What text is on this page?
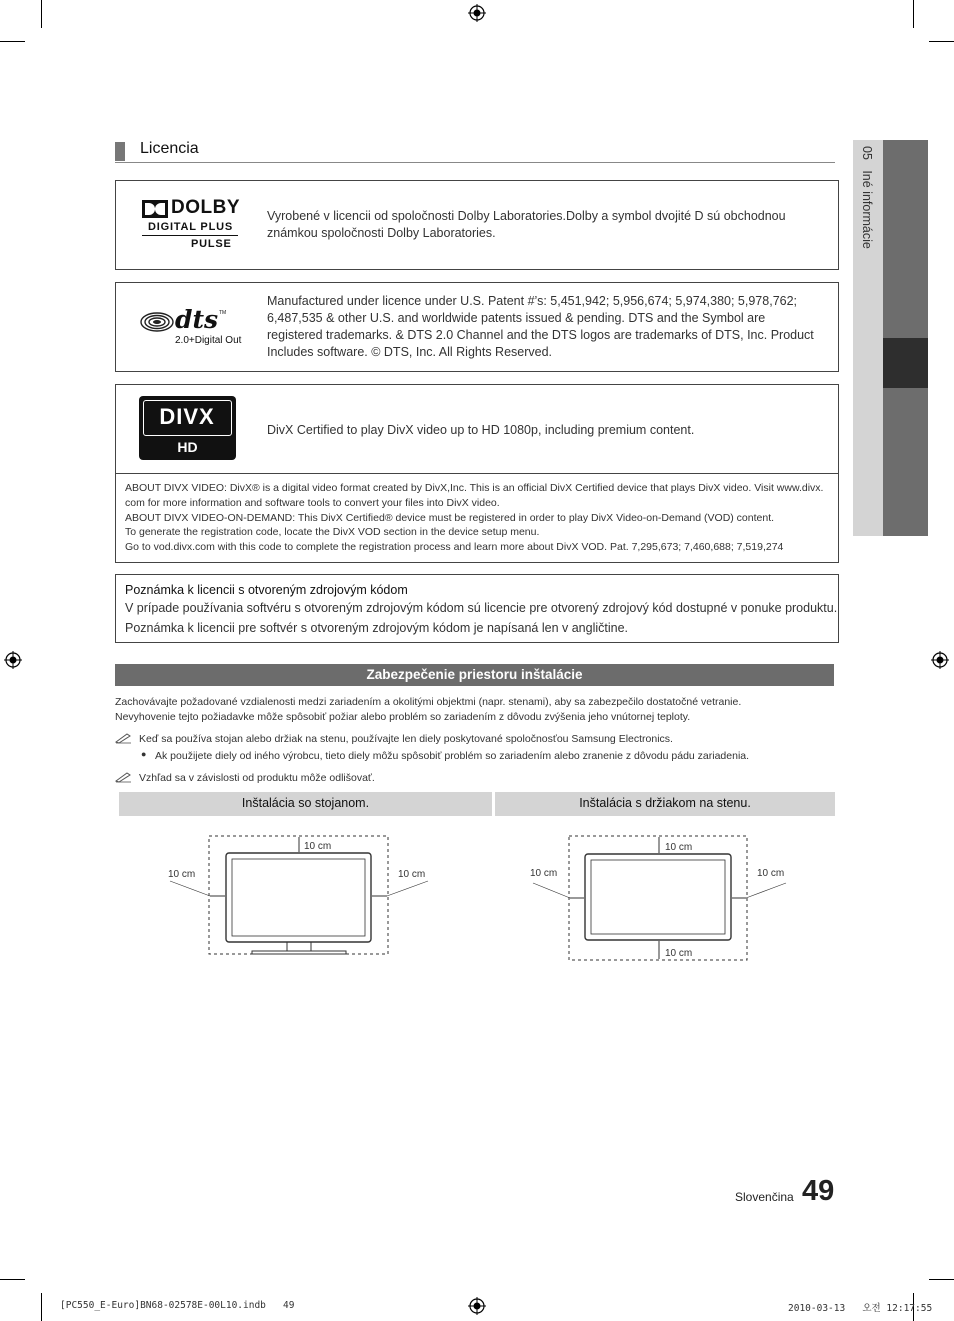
05   Iné informácie
Licencia
DOLBY
DIGITAL PLUS
PULSE
Vyrobené v licencii od spoločnosti Dolby Laboratories.Dolby a symbol dvojité D sú obchodnou známkou spoločnosti Dolby Laboratories.
dts TM
2.0+Digital Out
Manufactured under licence under U.S. Patent #’s: 5,451,942; 5,956,674; 5,974,380; 5,978,762; 6,487,535 & other U.S. and worldwide patents issued & pending. DTS and the Symbol are registered trademarks. & DTS 2.0 Channel and the DTS logos are trademarks of DTS, Inc. Product Includes software. © DTS, Inc. All Rights Reserved.
DIVX
HD
DivX Certified to play DivX video up to HD 1080p, including premium content.
ABOUT DIVX VIDEO: DivX® is a digital video format created by DivX,Inc. This is an official DivX Certified device that plays DivX video. Visit www.divx.
com for more information and software tools to convert your files into DivX video.
ABOUT DIVX VIDEO-ON-DEMAND: This DivX Certified® device must be registered in order to play DivX Video-on-Demand (VOD) content.
To generate the registration code, locate the DivX VOD section in the device setup menu.
Go to vod.divx.com with this code to complete the registration process and learn more about DivX VOD. Pat. 7,295,673; 7,460,688; 7,519,274
Poznámka k licencii s otvoreným zdrojovým kódom
V prípade používania softvéru s otvoreným zdrojovým kódom sú licencie pre otvorený zdrojový kód dostupné v ponuke produktu.
Poznámka k licencii pre softvér s otvoreným zdrojovým kódom je napísaná len v angličtine.
Zabezpečenie priestoru inštalácie
Zachovávajte požadované vzdialenosti medzi zariadením a okolitými objektmi (napr. stenami), aby sa zabezpečilo dostatočné vetranie.
Nevyhovenie tejto požiadavke môže spôsobiť požiar alebo problém so zariadením z dôvodu zvýšenia jeho vnútornej teploty.
Keď sa používa stojan alebo držiak na stenu, používajte len diely poskytované spoločnosťou Samsung Electronics.
● Ak použijete diely od iného výrobcu, tieto diely môžu spôsobiť problém so zariadením alebo zranenie z dôvodu pádu zariadenia.
Vzhľad sa v závislosti od produktu môže odlišovať.
Inštalácia so stojanom.	Inštalácia s držiakom na stenu.
10 cm
10 cm	10 cm
10 cm
10 cm
10 cm	10 cm
Slovenčina 49
[PC550_E-Euro]BN68-02578E-00L10.indb   49	2010-03-13   오전 12:17:55
